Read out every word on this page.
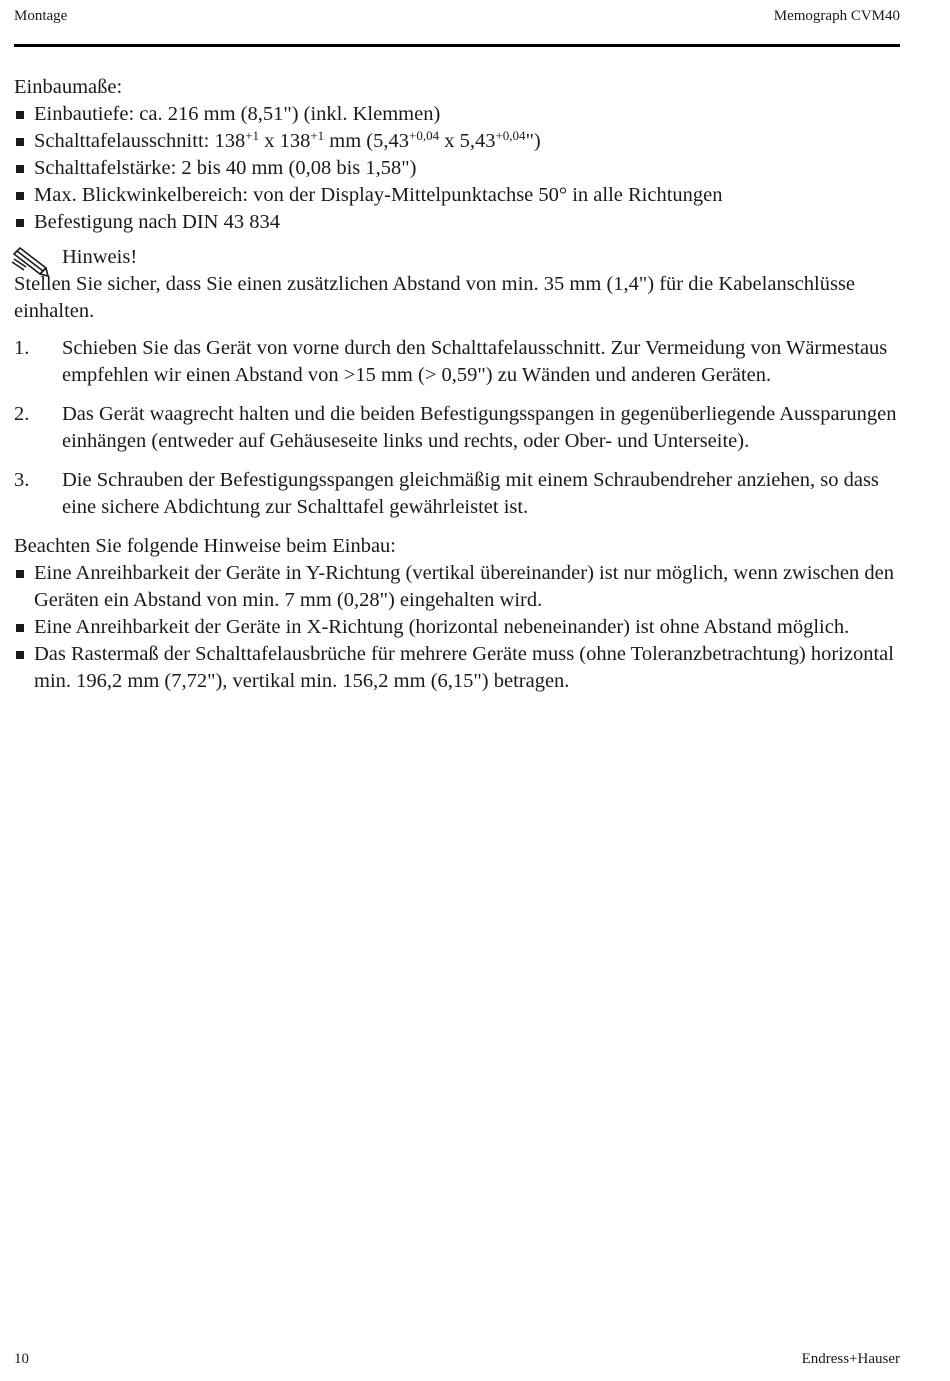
Montage	Memograph CVM40

Einbaumaße:

Einbautiefe: ca. 216 mm (8,51") (inkl. Klemmen)
Schalttafelausschnitt: $138^{+1}$ x $138^{+1}$ mm ($5,43^{+0,04}$ x $5,43^{+0,04}$")
Schalttafelstärke: 2 bis 40 mm (0,08 bis 1,58")
Max. Blickwinkelbereich: von der Display-Mittelpunktachse 50° in alle Richtungen
Befestigung nach DIN 43 834
Hinweis!

Stellen Sie sicher, dass Sie einen zusätzlichen Abstand von min. 35 mm (1,4") für die Kabelanschlüsse einhalten.

1. Schieben Sie das Gerät von vorne durch den Schalttafelausschnitt. Zur Vermeidung von Wärmestaus empfehlen wir einen Abstand von >15 mm (> 0,59") zu Wänden und anderen Geräten.
2. Das Gerät waagrecht halten und die beiden Befestigungsspangen in gegenüberliegende Aussparungen einhängen (entweder auf Gehäuseseite links und rechts, oder Ober- und Unterseite).
3. Die Schrauben der Befestigungsspangen gleichmäßig mit einem Schraubendreher anziehen, so dass eine sichere Abdichtung zur Schalttafel gewährleistet ist.

Beachten Sie folgende Hinweise beim Einbau:

Eine Anreihbarkeit der Geräte in Y-Richtung (vertikal übereinander) ist nur möglich, wenn zwischen den Geräten ein Abstand von min. 7 mm (0,28") eingehalten wird.
Eine Anreihbarkeit der Geräte in X-Richtung (horizontal nebeneinander) ist ohne Abstand möglich.
Das Rastermaß der Schalttafelausbrüche für mehrere Geräte muss (ohne Toleranzbetrachtung) horizontal min. 196,2 mm (7,72"), vertikal min. 156,2 mm (6,15") betragen.
10	Endress+Hauser
